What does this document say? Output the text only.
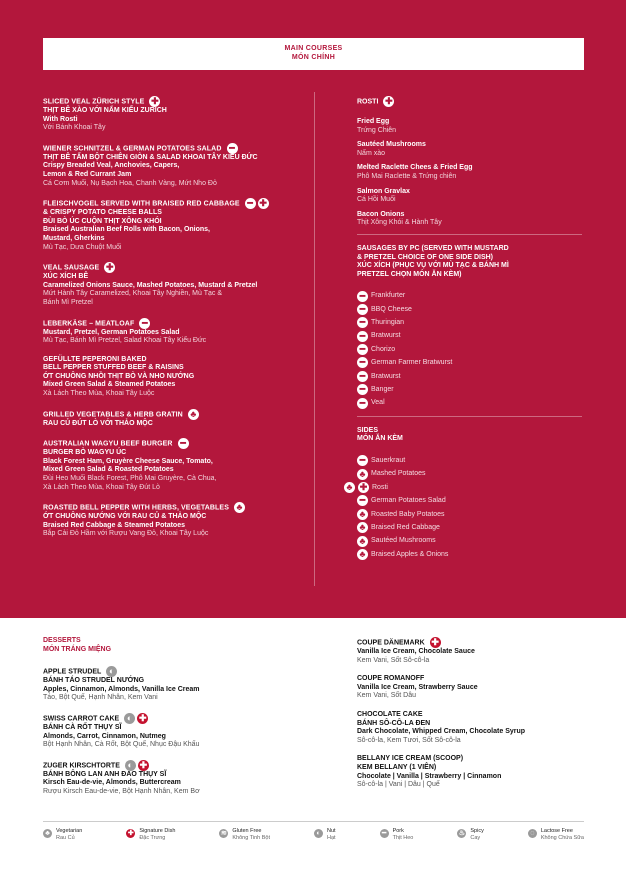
MAIN COURSES
MÓN CHÍNH
SLICED VEAL ZÜRICH STYLE ✚
THỊT BÊ XÀO VỚI NẤM KIỂU ZURICH
With Rosti
Với Bánh Khoai Tây
WIENER SCHNITZEL & GERMAN POTATOES SALAD ━
THỊT BÊ TẨM BỘT CHIÊN GIÒN & SALAD KHOAI TÂY KIỂU ĐỨC
Crispy Breaded Veal, Anchovies, Capers,
Lemon & Red Currant Jam
Cá Cơm Muối, Nụ Bạch Hoa, Chanh Vàng, Mứt Nho Đỏ
FLEISCHVOGEL SERVED WITH BRAISED RED CABBAGE ━ ✚
& CRISPY POTATO CHEESE BALLS
ĐÙI BÒ ÚC CUỘN THỊT XÔNG KHÓI
Braised Australian Beef Rolls with Bacon, Onions,
Mustard, Gherkins
Mù Tạc, Dưa Chuột Muối
VEAL SAUSAGE ✚
XÚC XÍCH BÊ
Caramelized Onions Sauce, Mashed Potatoes, Mustard & Pretzel
Mứt Hành Tây Caramelized, Khoai Tây Nghiền, Mù Tạc &
Bánh Mì Pretzel
LEBERKÄSE – MEATLOAF ━
Mustard, Pretzel, German Potatoes Salad
Mù Tạc, Bánh Mì Pretzel, Salad Khoai Tây Kiểu Đức
GEFÜLLTE PEPERONI BAKED
BELL PEPPER STUFFED BEEF & RAISINS
ỚT CHUÔNG NHỒI THỊT BÒ VÀ NHO NƯỚNG
Mixed Green Salad & Steamed Potatoes
Xà Lách Theo Mùa, Khoai Tây Luộc
GRILLED VEGETABLES & HERB GRATIN ♣
RAU CỦ ĐÚT LÒ VỚI THẢO MỘC
AUSTRALIAN WAGYU BEEF BURGER ━
BURGER BÒ WAGYU ÚC
Black Forest Ham, Gruyère Cheese Sauce, Tomato,
Mixed Green Salad & Roasted Potatoes
Đùi Heo Muối Black Forest, Phô Mai Gruyère, Cà Chua,
Xà Lách Theo Mùa, Khoai Tây Đút Lò
ROASTED BELL PEPPER WITH HERBS, VEGETABLES ♣
ỚT CHUÔNG NƯỚNG VỚI RAU CỦ & THẢO MỘC
Braised Red Cabbage & Steamed Potatoes
Bắp Cải Đỏ Hầm với Rượu Vang Đỏ, Khoai Tây Luộc
ROSTI ✚
Fried Egg
Trứng Chiên
Sautéed Mushrooms
Nấm xào
Melted Raclette Chees & Fried Egg
Phô Mai Raclette & Trứng chiên
Salmon Gravlax
Cá Hồi Muối
Bacon Onions
Thịt Xông Khói & Hành Tây
SAUSAGES BY PC (SERVED WITH MUSTARD
& PRETZEL CHOICE OF ONE SIDE DISH)
XÚC XÍCH (PHỤC VỤ VỚI MÙ TẠC & BÁNH MÌ
PRETZEL CHỌN MÓN ĂN KÈM)
━ Frankfurter
━ BBQ Cheese
━ Thuringian
━ Bratwurst
━ Chorizo
━ German Farmer Bratwurst
━ Bratwurst
━ Banger
━ Veal
SIDES
MÓN ĂN KÈM
━ Sauerkraut
♣ Mashed Potatoes
♣ ✚ Rosti
━ German Potatoes Salad
♣ Roasted Baby Potatoes
♣ Braised Red Cabbage
♣ Sautéed Mushrooms
♣ Braised Apples & Onions
DESSERTS
MÓN TRÁNG MIỆNG
APPLE STRUDEL ◐
BÁNH TÁO STRUDEL NƯỚNG
Apples, Cinnamon, Almonds, Vanilla Ice Cream
Táo, Bột Quế, Hạnh Nhân, Kem Vani
SWISS CARROT CAKE ◐ ✚
BÁNH CÀ RỐT THỤY SĨ
Almonds, Carrot, Cinnamon, Nutmeg
Bột Hạnh Nhân, Cà Rốt, Bột Quế, Nhục Đậu Khấu
ZUGER KIRSCHTORTE ◐ ✚
BÁNH BÔNG LAN ANH ĐÀO THỤY SĨ
Kirsch Eau-de-vie, Almonds, Buttercream
Rượu Kirsch Eau-de-vie, Bột Hạnh Nhân, Kem Bơ
COUPE DÄNEMARK ✚
Vanilla Ice Cream, Chocolate Sauce
Kem Vani, Sốt Sô-cô-la
COUPE ROMANOFF
Vanilla Ice Cream, Strawberry Sauce
Kem Vani, Sốt Dâu
CHOCOLATE CAKE
BÁNH SÔ-CÔ-LA ĐEN
Dark Chocolate, Whipped Cream, Chocolate Syrup
Sô-cô-la, Kem Tươi, Sốt Sô-cô-la
BELLANY ICE CREAM (SCOOP)
KEM BELLANY (1 VIÊN)
Chocolate | Vanilla | Strawberry | Cinnamon
Sô-cô-la | Vani | Dâu | Quế
♣	Vegetarian
Rau Củ
✚ Signature Dish
Đặc Trưng
≋ Gluten Free
Không Tinh Bột
◐	Nut
Hạt
━	Pork
Thịt Heo
♨ Spicy
Cay
◌	Lactose Free
Không Chứa Sữa
